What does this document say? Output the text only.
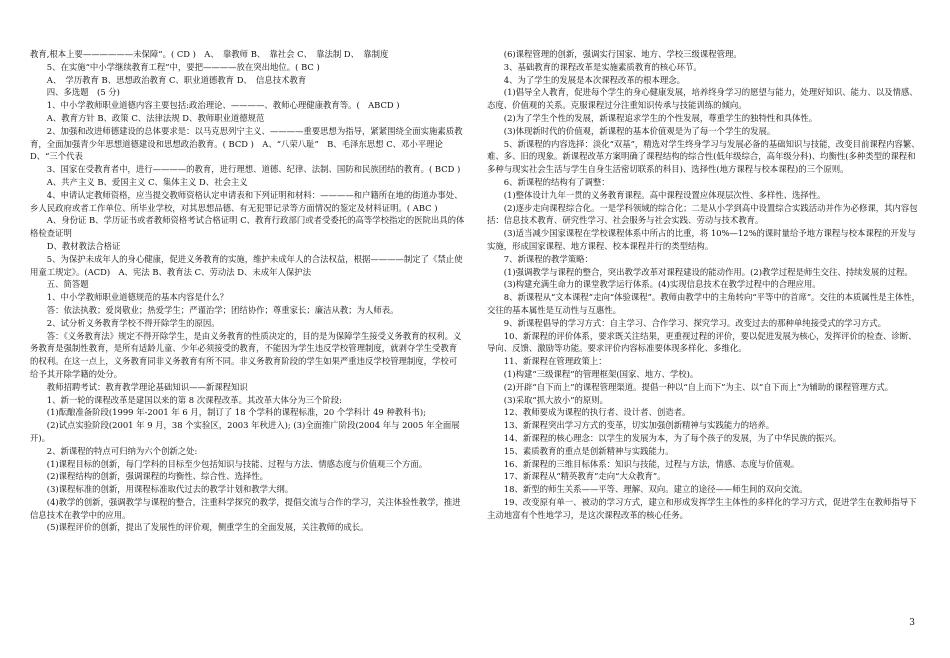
教育,根本上要——————未保障”。( CD )　A、　靠教师 B、　靠社会 C、　靠法制 D、　靠制度
5、在实施“中小学继续教育工程”中，要把————放在突出地位。( BC )
A、　学历教育 B、思想政治教育 C、职业道德教育 D、　信息技术教育
四、多选题　(5 分)
1、中小学教师职业道德内容主要包括:政治理论、————、教师心理健康教育等。(　ABCD )
A、教育方针 B、政策 C、法律法规 D、教师职业道德规范
2、加强和改进师德建设的总体要求是：以马克思列宁主义、————重要思想为指导，紧紧围绕全面实施素质教育，全面加强青少年思想道德建设和思想政治教育。( BCD )　A、“八荣八耻”　B、毛泽东思想 C、邓小平理论 D、“三个代表
3、国家在受教育者中，进行————的教育，进行理想、道德、纪律、法制、国防和民族团结的教育。( BCD )
A、共产主义 B、爱国主义 C、集体主义 D、社会主义
4、申请认定教师资格，应当提交教师资格认定申请表和下列证明和材料：————和户籍所在地的街道办事处、乡人民政府或者工作单位、所毕业学校，对其思想品德、有无犯罪记录等方面情况的鉴定及材料证明。( ABC )
A、身份证 B、学历证书或者教师资格考试合格证明 C、教育行政部门或者受委托的高等学校指定的医院出具的体格检查证明
D、教材教法合格证
5、为保护未成年人的身心健康，促进义务教育的实施，维护未成年人的合法权益，根据————制定了《禁止使用童工规定》。(ACD)　A、宪法 B、教育法 C、劳动法 D、未成年人保护法
五、简答题
1、中小学教师职业道德规范的基本内容是什么？
答：依法执教；爱岗敬业；热爱学生；严谨治学；团结协作；尊重家长；廉洁从教；为人师表。
2、试分析义务教育学校不得开除学生的原因。
答：《义务教育法》规定不得开除学生，是由义务教育的性质决定的，目的是为保障学生接受义务教育的权利。义务教育是强制性教育，是所有适龄儿童、少年必须接受的教育，不能因为学生违反学校管理制度，就剥夺学生受教育的权利。在这一点上，义务教育同非义务教育有所不同。非义务教育阶段的学生如果严重违反学校管理制度，学校可给予其开除学籍的处分。
教师招聘考试：教育教学理论基础知识——新课程知识
1、新一轮的课程改革是建国以来的第 8 次课程改革。其改革大体分为三个阶段:
(1)酝酿准备阶段(1999 年-2001 年 6 月，制订了 18 个学科的课程标准，20 个学科计 49 种教科书);
(2)试点实验阶段(2001 年 9 月，38 个实验区，2003 年秋进入); (3)全面推广阶段(2004 年与 2005 年全面展开)。
2、新课程的特点可归纳为六个创新之处:
(1)课程目标的创新，每门学科的目标至少包括知识与技能、过程与方法、情感态度与价值观三个方面。
(2)课程结构的创新，强调课程的均衡性、综合性、选择性。
(3)课程标准的创新，用课程标准取代过去的教学计划和教学大纲。
(4)教学的创新，强调教学与课程的整合，注重科学探究的教学，提倡交流与合作的学习，关注体验性教学，推进信息技术在教学中的应用。
(5)课程评价的创新，提出了发展性的评价观，侧重学生的全面发展，关注教师的成长。
(6)课程管理的创新，强调实行国家、地方、学校三级课程管理。
3、基础教育的课程改革是实施素质教育的核心环节。
4、为了学生的发展是本次课程改革的根本理念。
(1)倡导全人教育，促进每个学生的身心健康发展，培养终身学习的愿望与能力，处理好知识、能力、以及情感、态度、价值观的关系。克服课程过分注重知识传承与技能训练的倾向。
(2)为了学生个性的发展，新课程追求学生的个性发展，尊重学生的独特性和具体性。
(3)体现新时代的价值观，新课程的基本价值观是为了每一个学生的发展。
5、新课程的内容选择：淡化“双基”，精选对学生终身学习与发展必备的基础知识与技能，改变目前课程内容繁、难、多、旧的现象。新课程改革方案明确了课程结构的综合性(低年级综合，高年级分科)、均衡性(多种类型的课程和多种与现实社会生活与学生自身生活密切联系的科目)、选择性(地方课程与校本课程)的三个原则。
6、新课程的结构有了调整：
(1)整体设计九年一贯的义务教育课程。高中课程设置应体现层次性、多样性、选择性。
(2)逐步走向课程综合化。一是学科领域的综合化；二是从小学到高中设置综合实践活动并作为必修课，其内容包括：信息技术教育、研究性学习、社会服务与社会实践、劳动与技术教育。
(3)适当减少国家课程在学校课程体系中所占的比重，将 10%—12%的课时量给予地方课程与校本课程的开发与实施，形成国家课程、地方课程、校本课程并行的类型结构。
7、新课程的教学策略：
(1)强调教学与课程的整合，突出教学改革对课程建设的能动作用。(2)教学过程是师生交往、持续发展的过程。
(3)构建充满生命力的课堂教学运行体系。(4)实现信息技术在教学过程中的合理应用。
8、新课程从“文本课程”走向“体验课程”。教师由教学中的主角转向“平等中的首席”。交往的本质属性是主体性，交往的基本属性是互动性与互惠性。
9、新课程倡导的学习方式：自主学习、合作学习、探究学习。改变过去的那种单纯接受式的学习方式。
10、新课程的评价体系，要求既关注结果，更重视过程的评价，要以促进发展为核心，发挥评价的检查、诊断、导向、反馈、激励等功能。要求评价内容标准要体现多样化、多维化。
11、新课程在管理政策上：
(1)构建“三级课程”的管理框架(国家、地方、学校)。
(2)开辟“自下而上”的课程管理渠道。提倡一种以“自上而下”为主、以“自下而上”为辅助的课程管理方式。
(3)采取“抓大放小”的原则。
12、教师要成为课程的执行者、设计者、创造者。
13、新课程突出学习方式的变革，切实加强创新精神与实践能力的培养。
14、新课程的核心理念：以学生的发展为本，为了每个孩子的发展，为了中华民族的振兴。
15、素质教育的重点是创新精神与实践能力。
16、新课程的三维目标体系：知识与技能，过程与方法，情感、态度与价值观。
17、新课程从“精英教育”走向“大众教育”。
18、新型的师生关系——平等、理解、双向。建立的途径——师生间的双向交流。
19、改变原有单一、被动的学习方式，建立和形成发挥学生主体性的多样化的学习方式，促进学生在教师指导下主动地富有个性地学习，是这次课程改革的核心任务。
3
